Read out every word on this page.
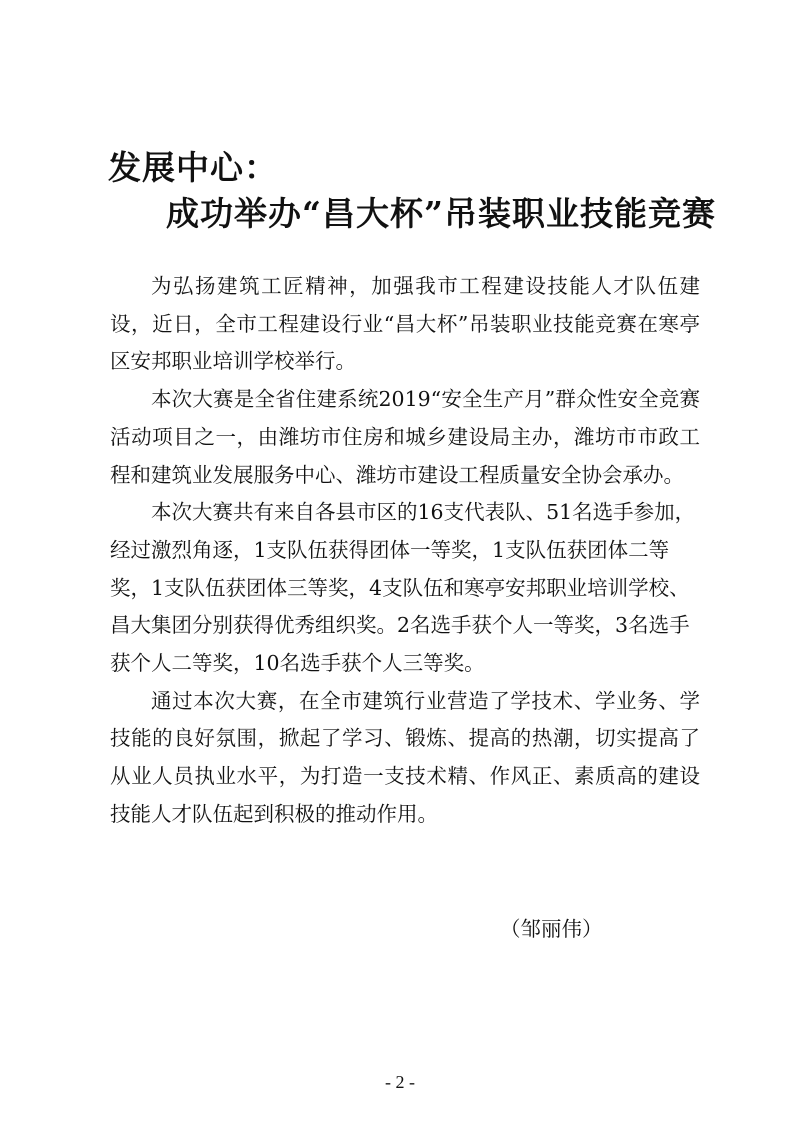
发展中心：
成功举办“昌大杯”吊装职业技能竞赛

为弘扬建筑工匠精神，加强我市工程建设技能人才队伍建设，近日，全市工程建设行业“昌大杯”吊装职业技能竞赛在寒亭区安邦职业培训学校举行。

本次大赛是全省住建系统2019“安全生产月”群众性安全竞赛活动项目之一，由潍坊市住房和城乡建设局主办，潍坊市市政工程和建筑业发展服务中心、潍坊市建设工程质量安全协会承办。

本次大赛共有来自各县市区的16支代表队、51名选手参加，经过激烈角逐，1支队伍获得团体一等奖，1支队伍获团体二等奖，1支队伍获团体三等奖，4支队伍和寒亭安邦职业培训学校、昌大集团分别获得优秀组织奖。2名选手获个人一等奖，3名选手获个人二等奖，10名选手获个人三等奖。

通过本次大赛，在全市建筑行业营造了学技术、学业务、学技能的良好氛围，掀起了学习、锻炼、提高的热潮，切实提高了从业人员执业水平，为打造一支技术精、作风正、素质高的建设技能人才队伍起到积极的推动作用。

（邹丽伟）
- 2 -
